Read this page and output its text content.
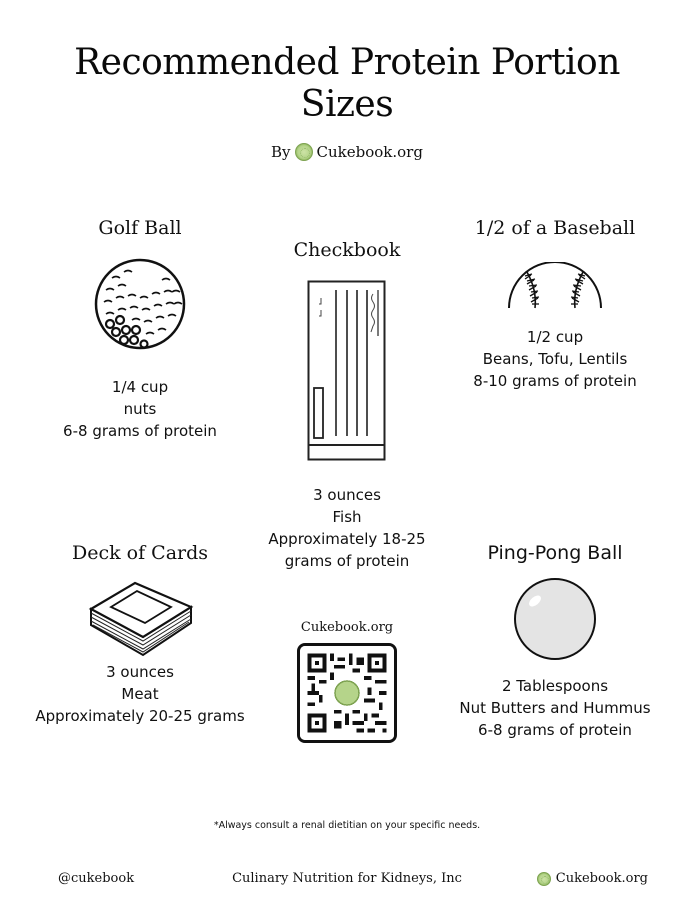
Recommended Protein Portion
Sizes
By Cukebook.org
Golf Ball
1/4 cup
nuts
6-8 grams of protein
Checkbook
3 ounces
Fish
Approximately 18-25
grams of protein
1/2 of a Baseball
1/2 cup
Beans, Tofu, Lentils
8-10 grams of protein
Deck of Cards
3 ounces
Meat
Approximately 20-25 grams
Ping-Pong Ball
2 Tablespoons
Nut Butters and Hummus
6-8 grams of protein
Cukebook.org
*Always consult a renal dietitian on your specific needs.
Culinary Nutrition for Kidneys, Inc
@cukebook	Cukebook.org
